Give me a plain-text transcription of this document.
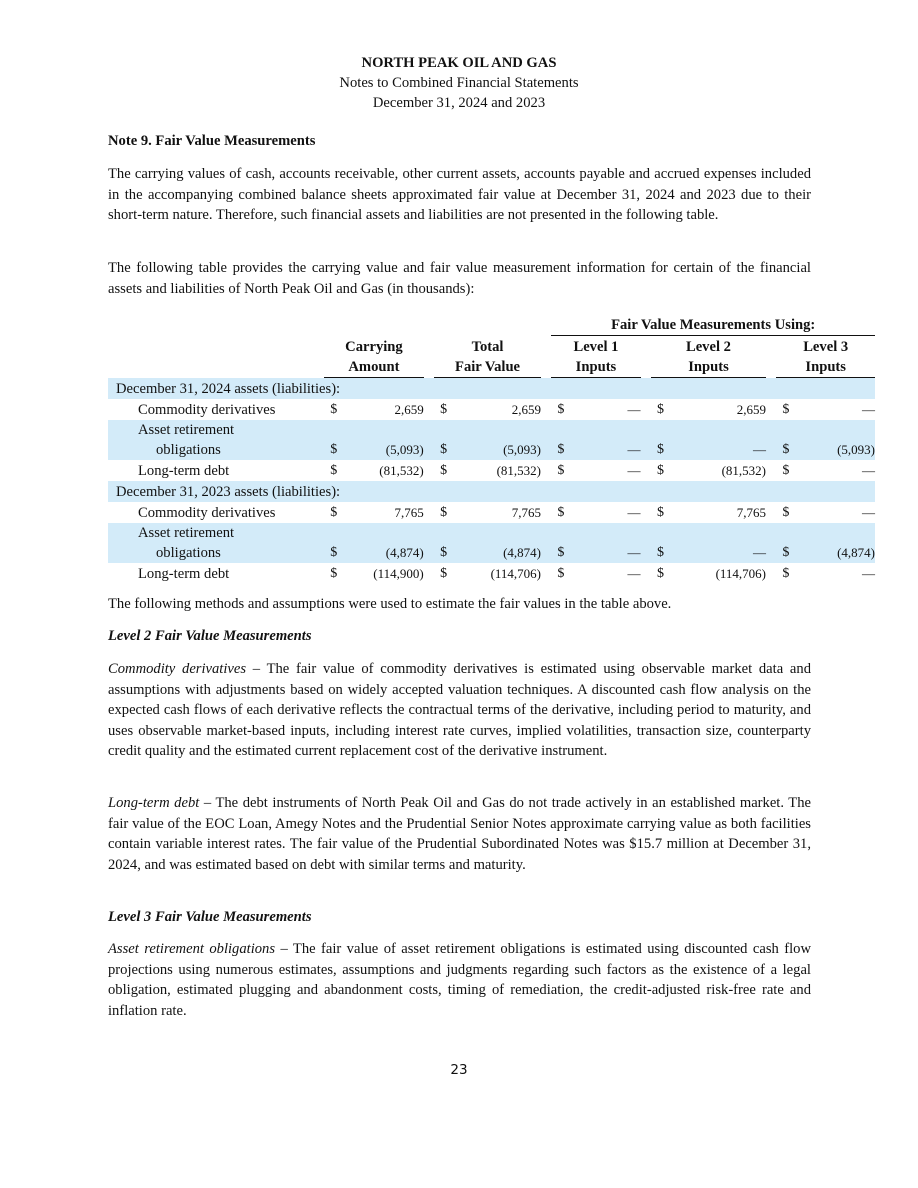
NORTH PEAK OIL AND GAS
Notes to Combined Financial Statements
December 31, 2024 and 2023

Note 9. Fair Value Measurements

The carrying values of cash, accounts receivable, other current assets, accounts payable and accrued expenses included in the accompanying combined balance sheets approximated fair value at December 31, 2024 and 2023 due to their short-term nature. Therefore, such financial assets and liabilities are not presented in the following table.

The following table provides the carrying value and fair value measurement information for certain of the financial assets and liabilities of North Peak Oil and Gas (in thousands):

							Fair Value Measurements Using:							
	Carrying			Total			Level 1			Level 2			Level 3	
	Amount			Fair Value			Inputs			Inputs			Inputs	
December 31, 2024 assets (liabilities):														
Commodity derivatives	$	2,659		$	2,659		$	—		$	2,659		$	—
Asset retirement
obligations	$	(5,093)		$	(5,093)		$	—		$	—		$	(5,093)
Long-term debt	$	(81,532)		$	(81,532)		$	—		$	(81,532)		$	—
December 31, 2023 assets (liabilities):														
Commodity derivatives	$	7,765		$	7,765		$	—		$	7,765		$	—
Asset retirement
obligations	$	(4,874)		$	(4,874)		$	—		$	—		$	(4,874)
Long-term debt	$	(114,900)		$	(114,706)		$	—		$	(114,706)		$	—

The following methods and assumptions were used to estimate the fair values in the table above.

Level 2 Fair Value Measurements

Commodity derivatives – The fair value of commodity derivatives is estimated using observable market data and assumptions with adjustments based on widely accepted valuation techniques. A discounted cash flow analysis on the expected cash flows of each derivative reflects the contractual terms of the derivative, including period to maturity, and uses observable market-based inputs, including interest rate curves, implied volatilities, transaction size, counterparty credit quality and the estimated current replacement cost of the derivative instrument.

Long-term debt – The debt instruments of North Peak Oil and Gas do not trade actively in an established market. The fair value of the EOC Loan, Amegy Notes and the Prudential Senior Notes approximate carrying value as both facilities contain variable interest rates. The fair value of the Prudential Subordinated Notes was $15.7 million at December 31, 2024, and was estimated based on debt with similar terms and maturity.

Level 3 Fair Value Measurements

Asset retirement obligations – The fair value of asset retirement obligations is estimated using discounted cash flow projections using numerous estimates, assumptions and judgments regarding such factors as the existence of a legal obligation, estimated plugging and abandonment costs, timing of remediation, the credit-adjusted risk-free rate and inflation rate.

23
